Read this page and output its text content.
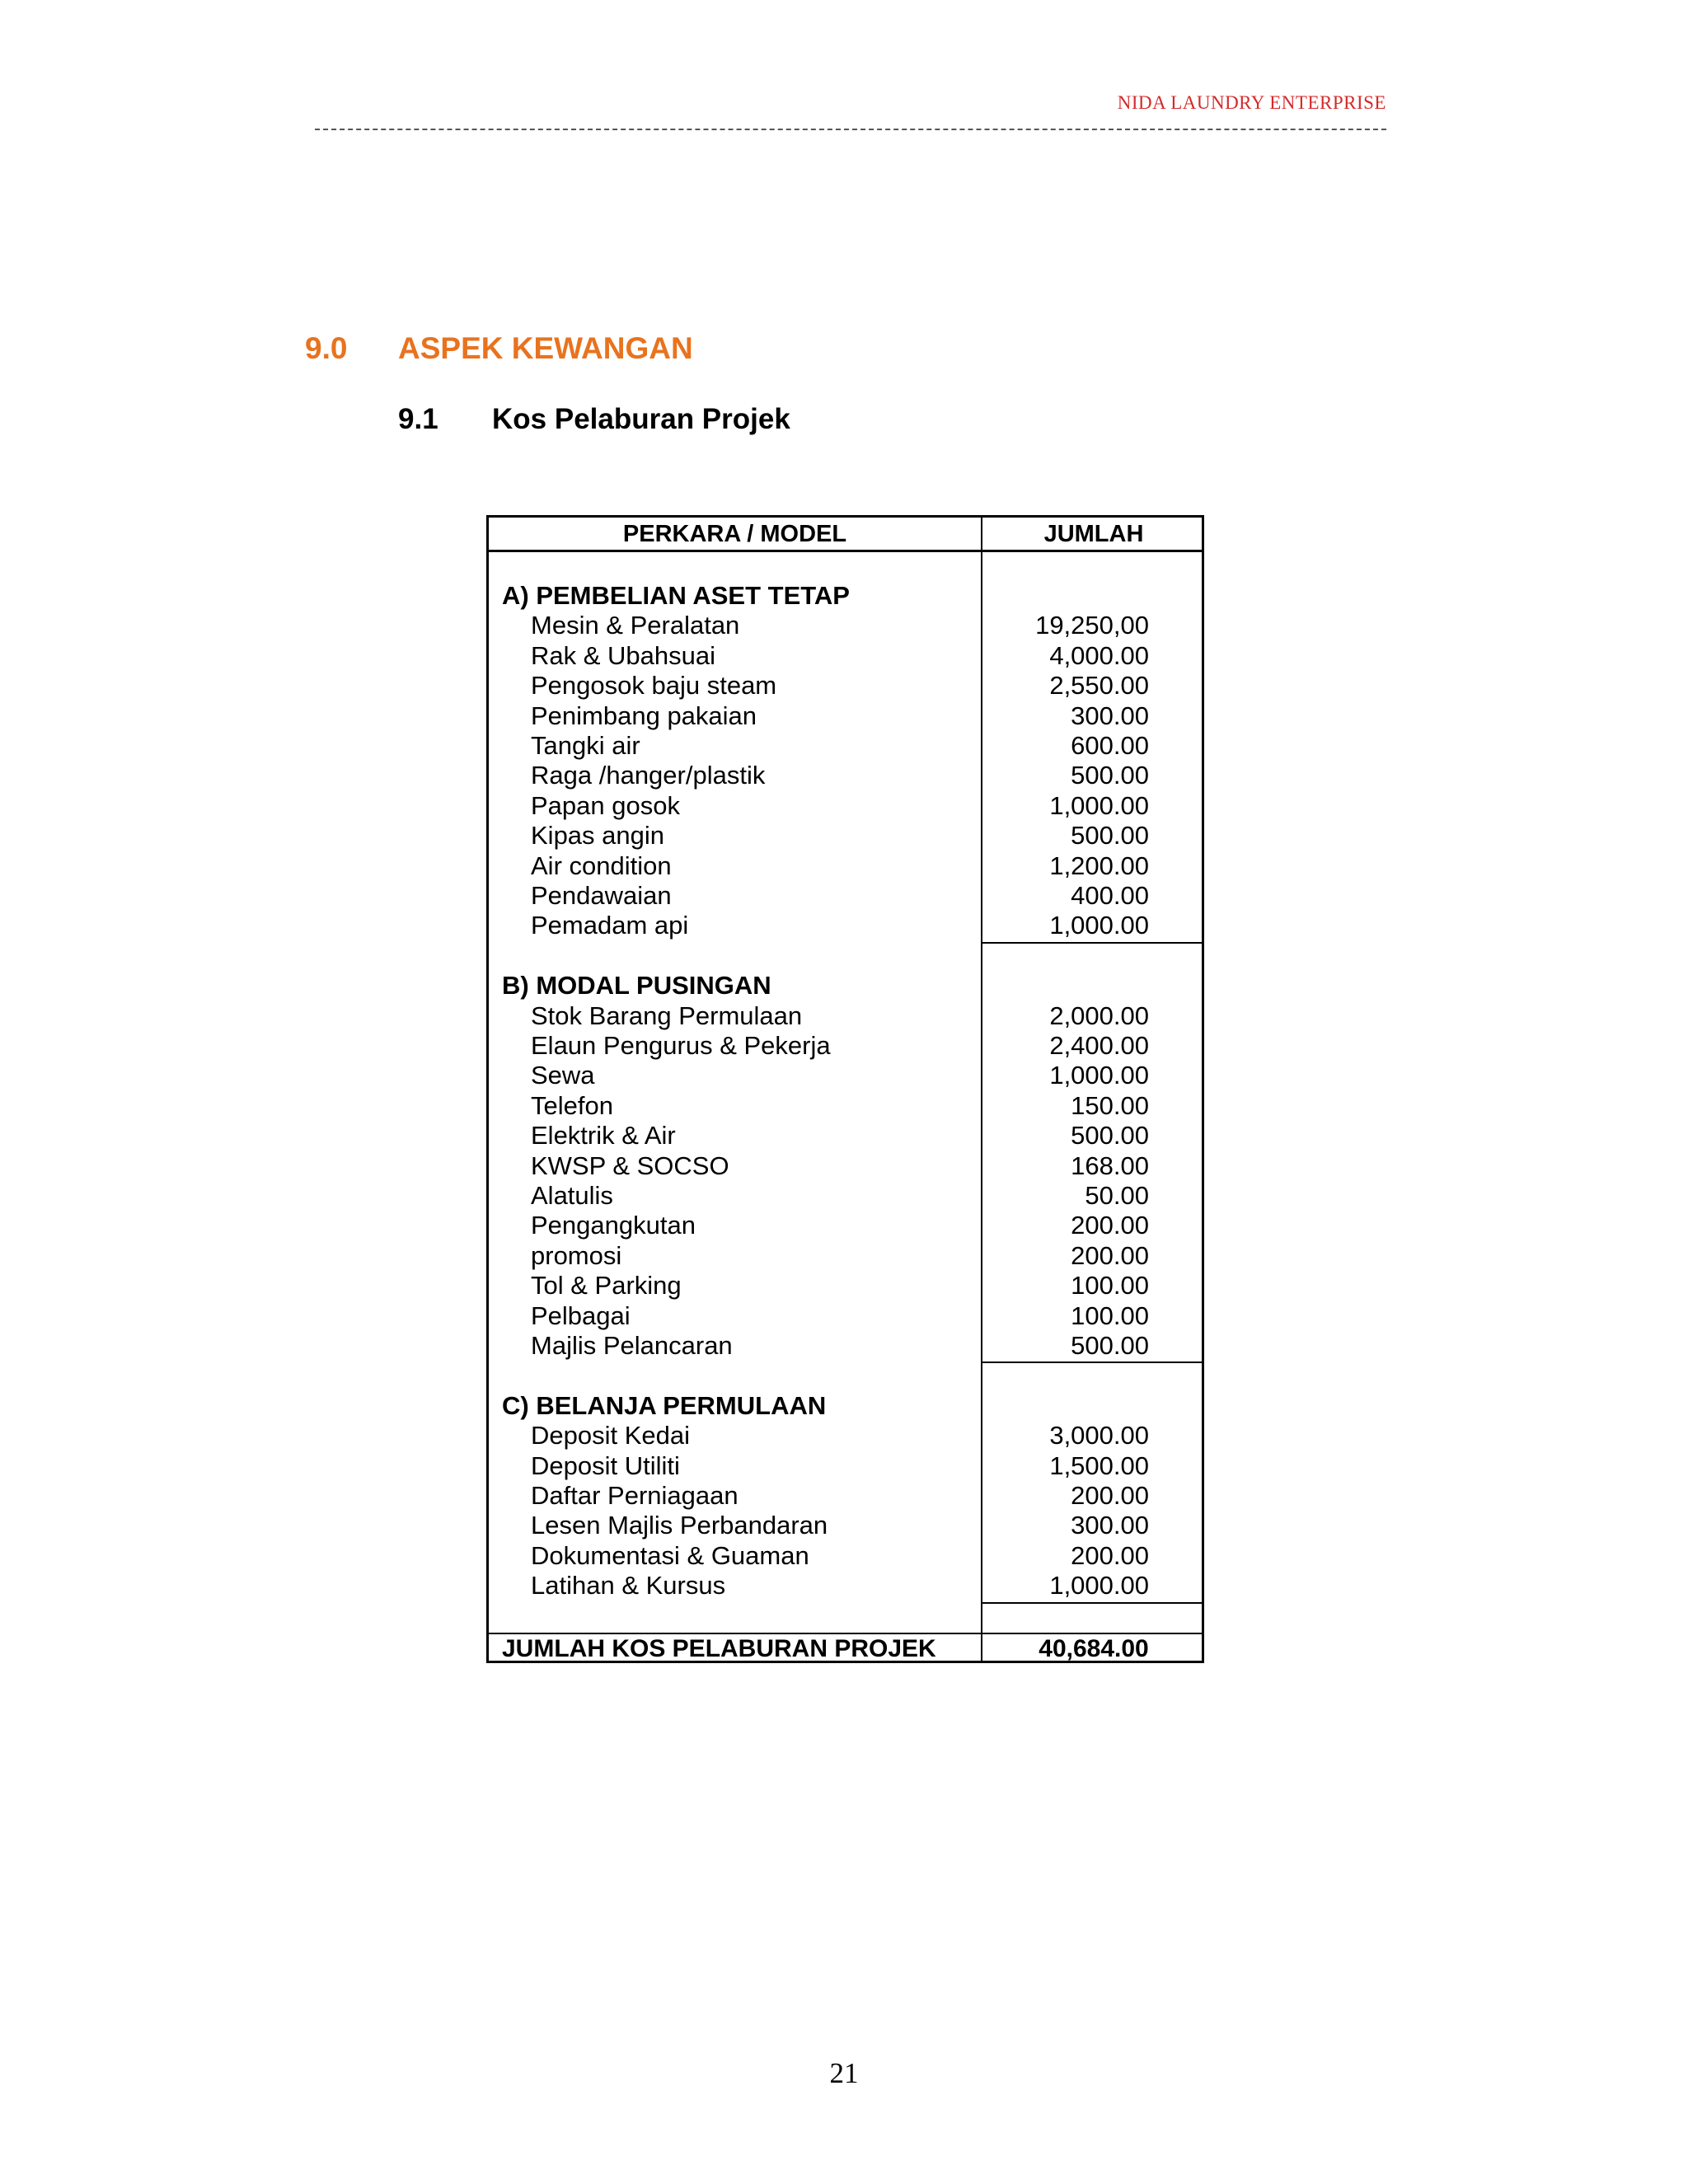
NIDA LAUNDRY ENTERPRISE
9.0 ASPEK KEWANGAN
9.1 Kos Pelaburan Projek
PERKARA / MODEL	JUMLAH
A) PEMBELIAN ASET TETAP
Mesin & Peralatan	19,250,00
Rak & Ubahsuai	4,000.00
Pengosok baju steam	2,550.00
Penimbang pakaian	300.00
Tangki air	600.00
Raga /hanger/plastik	500.00
Papan gosok	1,000.00
Kipas angin	500.00
Air condition	1,200.00
Pendawaian	400.00
Pemadam api	1,000.00
B) MODAL PUSINGAN
Stok Barang Permulaan	2,000.00
Elaun Pengurus & Pekerja	2,400.00
Sewa	1,000.00
Telefon	150.00
Elektrik & Air	500.00
KWSP & SOCSO	168.00
Alatulis	50.00
Pengangkutan	200.00
promosi	200.00
Tol & Parking	100.00
Pelbagai	100.00
Majlis Pelancaran	500.00
C) BELANJA PERMULAAN
Deposit Kedai	3,000.00
Deposit Utiliti	1,500.00
Daftar Perniagaan	200.00
Lesen Majlis Perbandaran	300.00
Dokumentasi & Guaman	200.00
Latihan & Kursus	1,000.00
JUMLAH KOS PELABURAN PROJEK	40,684.00
21
